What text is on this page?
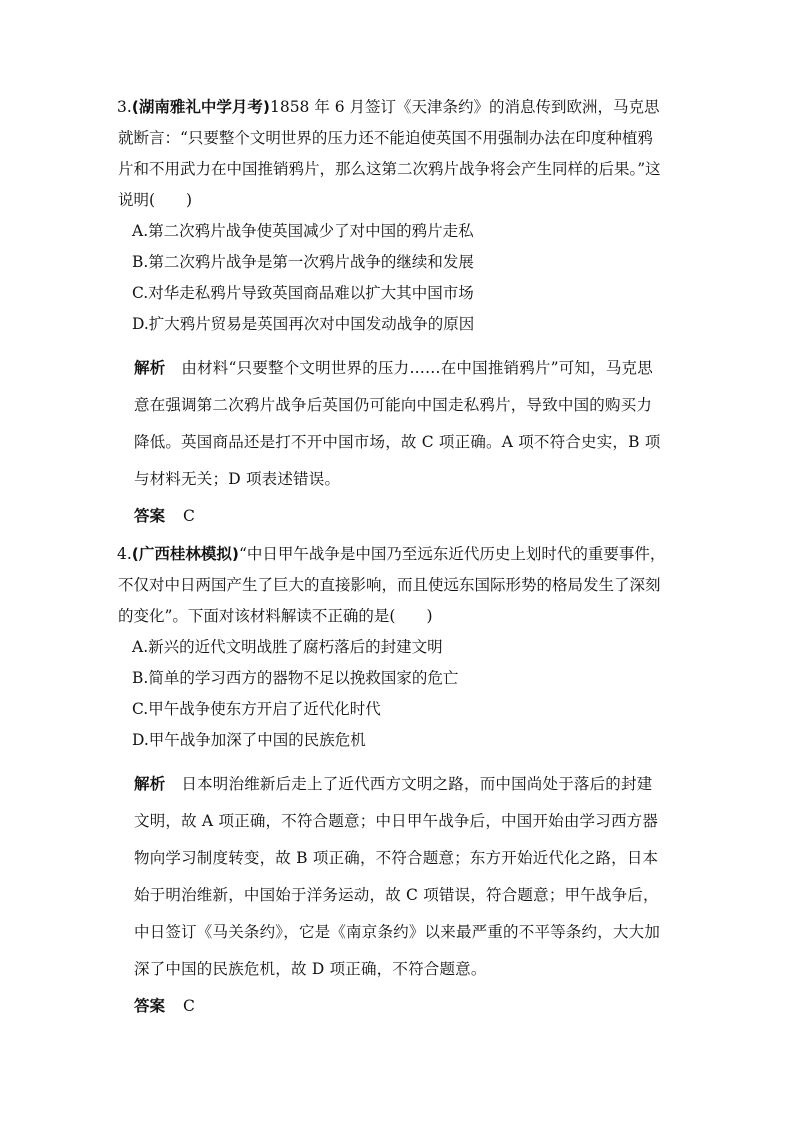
3.(湖南雅礼中学月考)1858 年 6 月签订《天津条约》的消息传到欧洲，马克思就断言：“只要整个文明世界的压力还不能迫使英国不用强制办法在印度种植鸦片和不用武力在中国推销鸦片，那么这第二次鸦片战争将会产生同样的后果。”这说明(　　)

A.第二次鸦片战争使英国减少了对中国的鸦片走私

B.第二次鸦片战争是第一次鸦片战争的继续和发展

C.对华走私鸦片导致英国商品难以扩大其中国市场

D.扩大鸦片贸易是英国再次对中国发动战争的原因

解析 由材料“只要整个文明世界的压力……在中国推销鸦片”可知，马克思意在强调第二次鸦片战争后英国仍可能向中国走私鸦片，导致中国的购买力降低。英国商品还是打不开中国市场，故 C 项正确。A 项不符合史实，B 项与材料无关；D 项表述错误。

答案 C

4.(广西桂林模拟)“中日甲午战争是中国乃至远东近代历史上划时代的重要事件，不仅对中日两国产生了巨大的直接影响，而且使远东国际形势的格局发生了深刻的变化”。下面对该材料解读不正确的是(　　)

A.新兴的近代文明战胜了腐朽落后的封建文明

B.简单的学习西方的器物不足以挽救国家的危亡

C.甲午战争使东方开启了近代化时代

D.甲午战争加深了中国的民族危机

解析 日本明治维新后走上了近代西方文明之路，而中国尚处于落后的封建文明，故 A 项正确，不符合题意；中日甲午战争后，中国开始由学习西方器物向学习制度转变，故 B 项正确，不符合题意；东方开始近代化之路，日本始于明治维新，中国始于洋务运动，故 C 项错误，符合题意；甲午战争后，中日签订《马关条约》，它是《南京条约》以来最严重的不平等条约，大大加深了中国的民族危机，故 D 项正确，不符合题意。

答案 C
